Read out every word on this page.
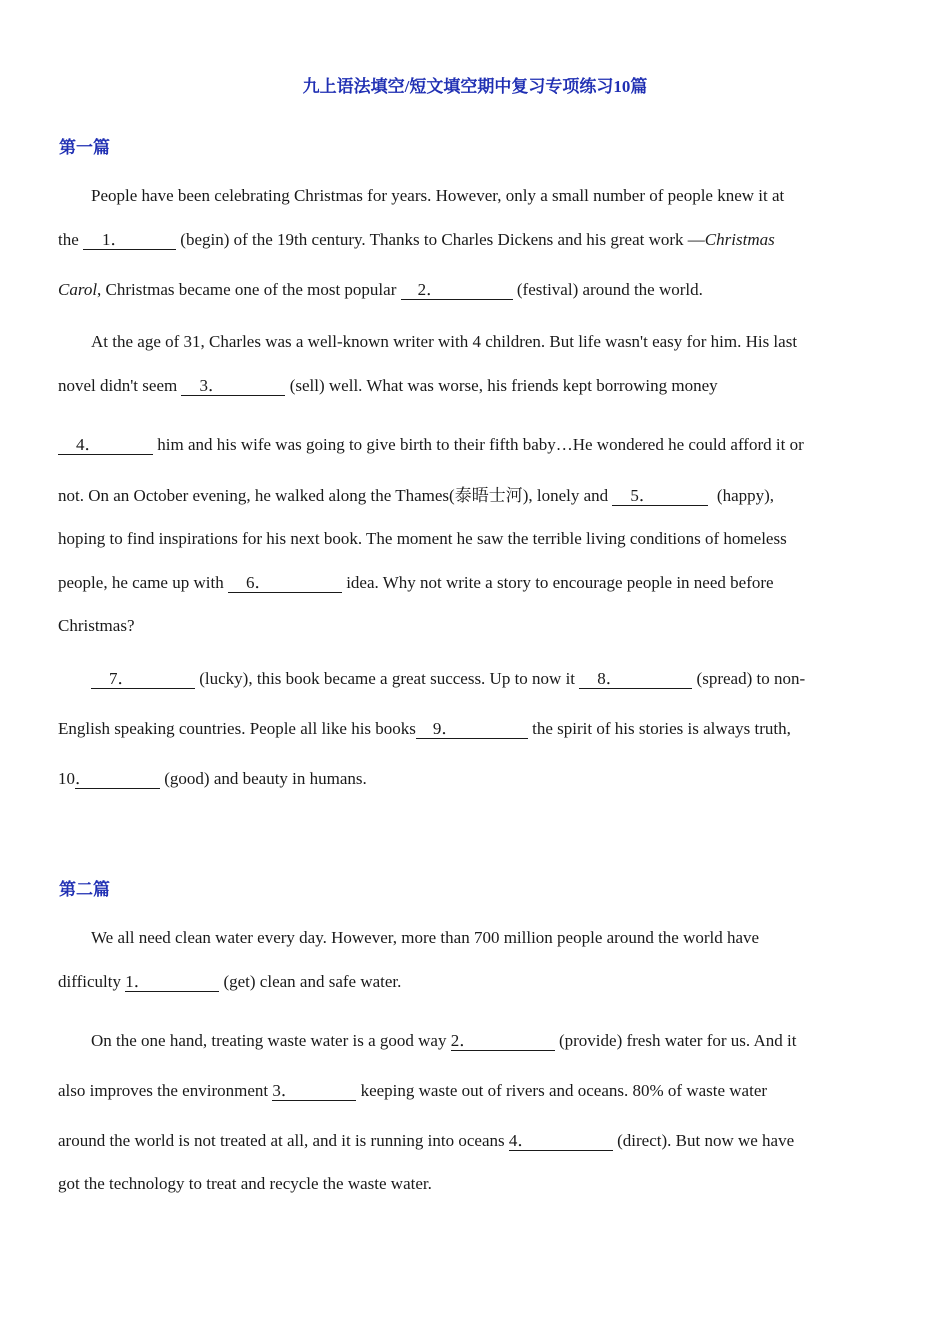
九上语法填空/短文填空期中复习专项练习10篇
第一篇
People have been celebrating Christmas for years. However, only a small number of people knew it at
the 1．	(begin) of the 19th century. Thanks to Charles Dickens and his great work —Christmas
Carol, Christmas became one of the most popular 2．	(festival) around the world.
At the age of 31, Charles was a well-known writer with 4 children. But life wasn't easy for him. His last
novel didn't seem 3．	(sell) well. What was worse, his friends kept borrowing money
4．	him and his wife was going to give birth to their fifth baby…He wondered he could afford it or
not. On an October evening, he walked along the Thames(泰晤士河), lonely and 5．	(happy),
hoping to find inspirations for his next book. The moment he saw the terrible living conditions of homeless
people, he came up with 6．	idea. Why not write a story to encourage people in need before
Christmas?
7．	(lucky), this book became a great success. Up to now it 8．	(spread) to non-
English speaking countries. People all like his books 9．	the spirit of his stories is always truth,
10．	(good) and beauty in humans.
第二篇
We all need clean water every day. However, more than 700 million people around the world have
difficulty 1．	(get) clean and safe water.
On the one hand, treating waste water is a good way 2．	(provide) fresh water for us. And it
also improves the environment 3．	keeping waste out of rivers and oceans. 80% of waste water
around the world is not treated at all, and it is running into oceans 4．	(direct). But now we have
got the technology to treat and recycle the waste water.
